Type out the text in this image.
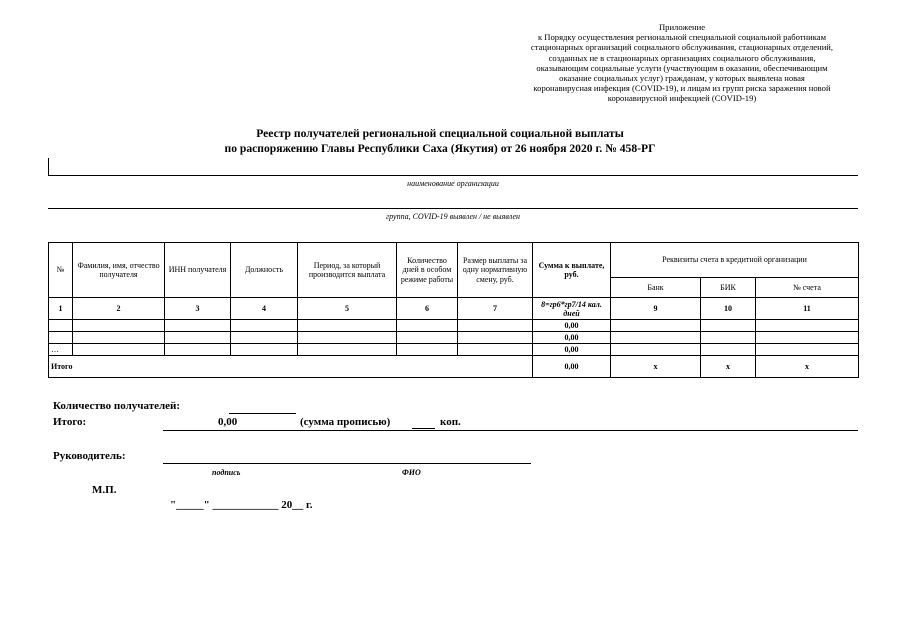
Приложение
к Порядку осуществления региональной специальной социальной работникам
стационарных организаций социального обслуживания, стационарных отделений,
созданных не в стационарных организациях социального обслуживания,
оказывающим социальные услуги (участвующим в оказании, обеспечивающим
оказание социальных услуг) гражданам, у которых выявлена новая
коронавирусная инфекция (COVID-19), и лицам из групп риска заражения новой
коронавирусной инфекцией (COVID-19)
Реестр получателей региональной специальной социальной выплаты
по распоряжению Главы Республики Саха (Якутия) от 26 ноября 2020 г. № 458-РГ
наименование организации
группа, COVID-19 выявлен / не выявлен
№	Фамилия, имя, отчество получателя	ИНН получателя	Должность	Период, за который производится выплата	Количество дней в особом режиме работы	Размер выплаты за одну нормативную смену, руб.	Сумма к выплате, руб.	Реквизиты счета в кредитной организации		
								Банк	БИК	№ счета
1	2	3	4	5	6	7	8=гр6*гр7/14 кал. дней	9	10	11
							0,00			
							0,00			
…							0,00			
Итого							0,00	х	х	х
Количество получателей:
Итого:	0,00	(сумма прописью)	коп.
Руководитель:
подпись	ФИО
М.П.
"_____" ____________ 20__ г.
